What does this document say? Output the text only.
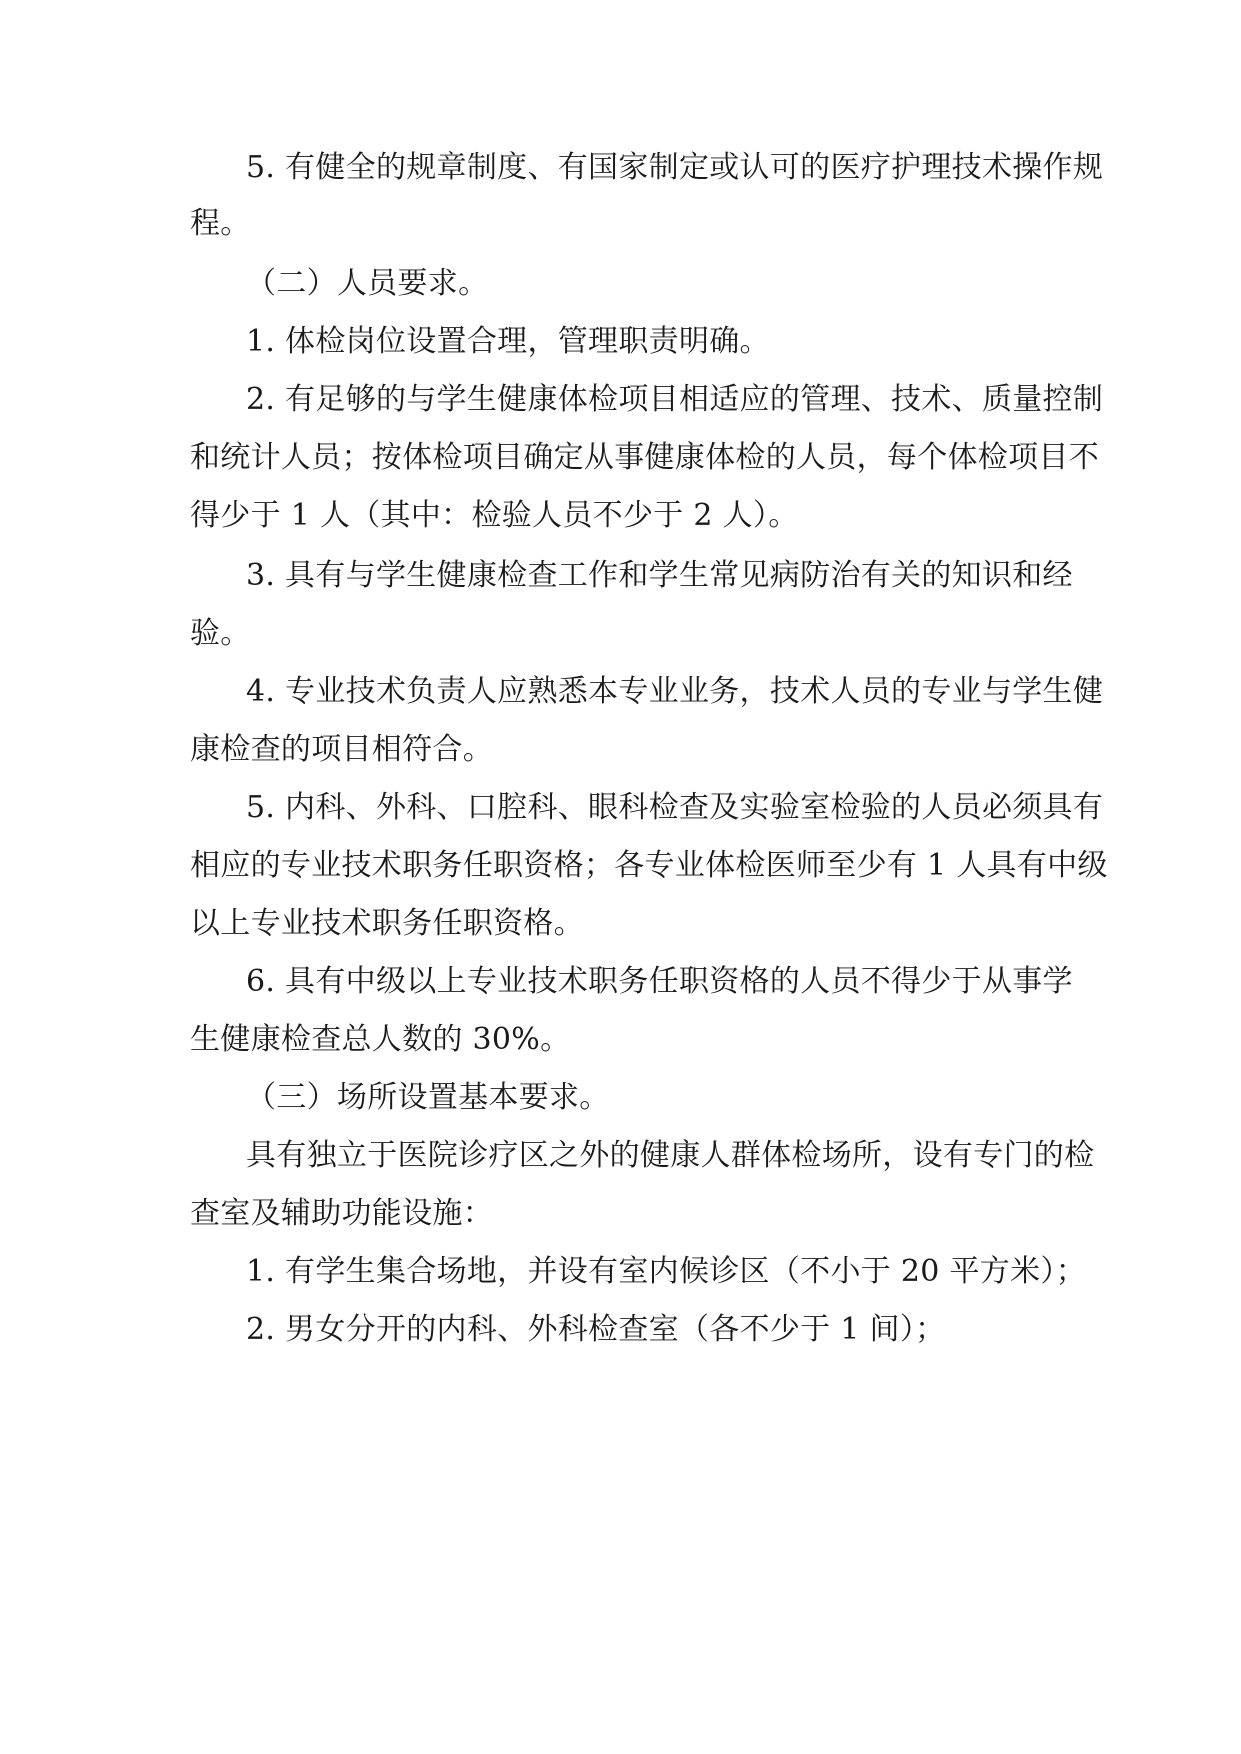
5. 有健全的规章制度、有国家制定或认可的医疗护理技术操作规
程。
（二）人员要求。
1. 体检岗位设置合理，管理职责明确。
2. 有足够的与学生健康体检项目相适应的管理、技术、质量控制
和统计人员；按体检项目确定从事健康体检的人员，每个体检项目不
得少于 1 人（其中：检验人员不少于 2 人）。
3. 具有与学生健康检查工作和学生常见病防治有关的知识和经
验。
4. 专业技术负责人应熟悉本专业业务，技术人员的专业与学生健
康检查的项目相符合。
5. 内科、外科、口腔科、眼科检查及实验室检验的人员必须具有
相应的专业技术职务任职资格；各专业体检医师至少有 1 人具有中级
以上专业技术职务任职资格。
6. 具有中级以上专业技术职务任职资格的人员不得少于从事学
生健康检查总人数的 30%。
（三）场所设置基本要求。
具有独立于医院诊疗区之外的健康人群体检场所，设有专门的检
查室及辅助功能设施：
1. 有学生集合场地，并设有室内候诊区（不小于 20 平方米）；
2. 男女分开的内科、外科检查室（各不少于 1 间）；
